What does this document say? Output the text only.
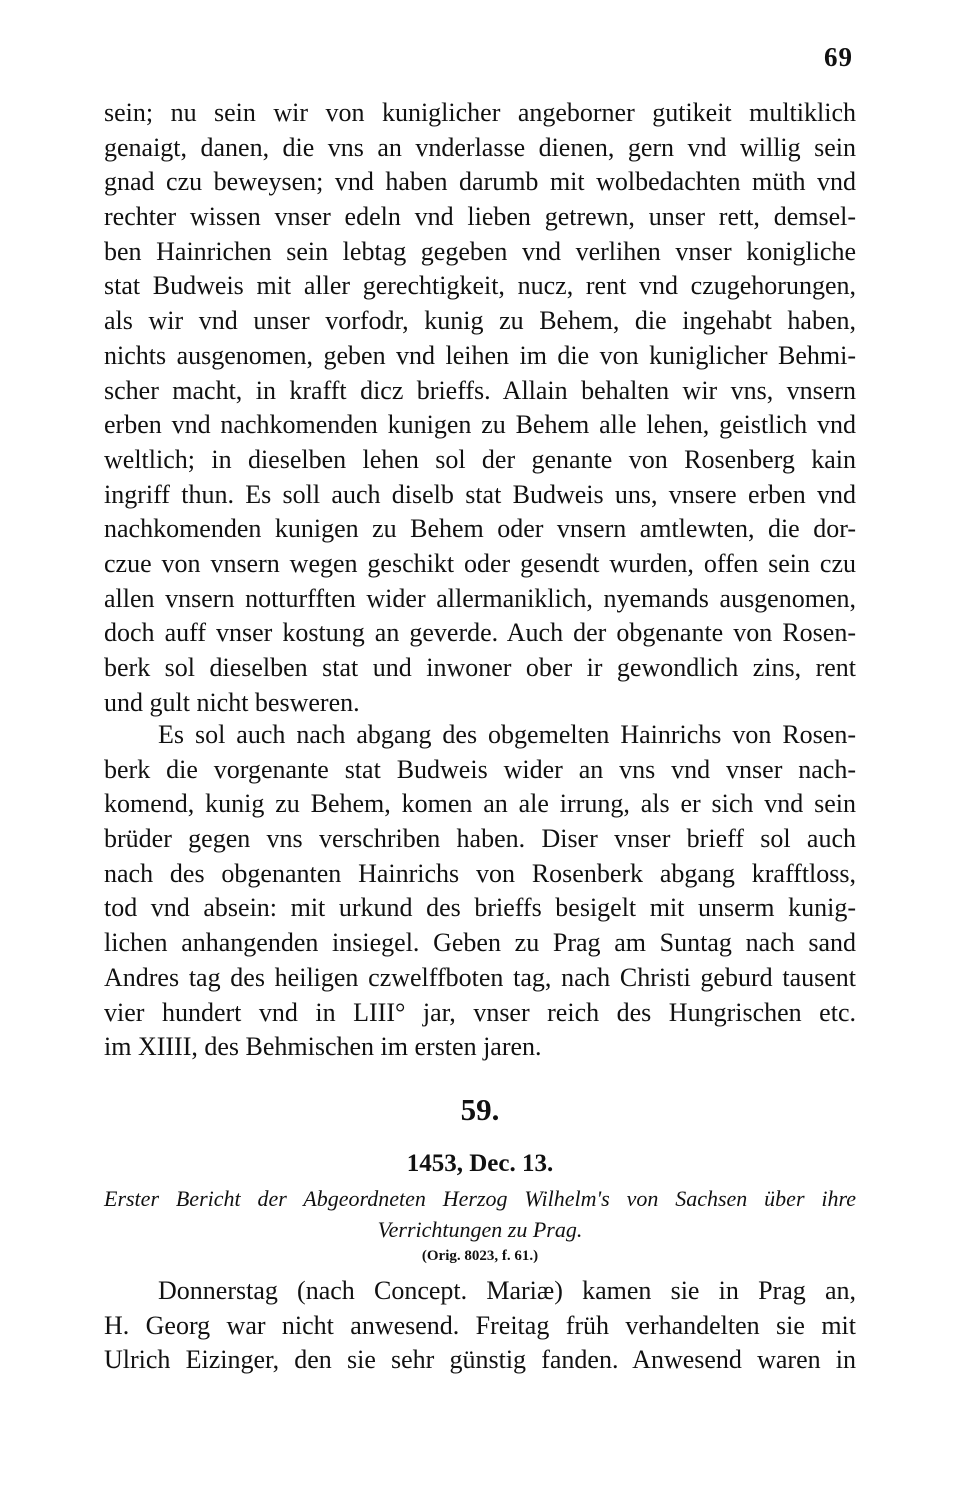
69
sein; nu sein wir von kuniglicher angeborner gutikeit multiklich
genaigt, danen, die vns an vnderlasse dienen, gern vnd willig sein
gnad czu beweysen; vnd haben darumb mit wolbedachten müth vnd
rechter wissen vnser edeln vnd lieben getrewn, unser rett, demsel-
ben Hainrichen sein lebtag gegeben vnd verlihen vnser konigliche
stat Budweis mit aller gerechtigkeit, nucz, rent vnd czugehorungen,
als wir vnd unser vorfodr, kunig zu Behem, die ingehabt haben,
nichts ausgenomen, geben vnd leihen im die von kuniglicher Behmi-
scher macht, in krafft dicz brieffs. Allain behalten wir vns, vnsern
erben vnd nachkomenden kunigen zu Behem alle lehen, geistlich vnd
weltlich; in dieselben lehen sol der genante von Rosenberg kain
ingriff thun. Es soll auch diselb stat Budweis uns, vnsere erben vnd
nachkomenden kunigen zu Behem oder vnsern amtlewten, die dor-
czue von vnsern wegen geschikt oder gesendt wurden, offen sein czu
allen vnsern notturfften wider allermaniklich, nyemands ausgenomen,
doch auff vnser kostung an geverde. Auch der obgenante von Rosen-
berk sol dieselben stat und inwoner ober ir gewondlich zins, rent
und gult nicht besweren.
Es sol auch nach abgang des obgemelten Hainrichs von Rosen-
berk die vorgenante stat Budweis wider an vns vnd vnser nach-
komend, kunig zu Behem, komen an ale irrung, als er sich vnd sein
brüder gegen vns verschriben haben. Diser vnser brieff sol auch
nach des obgenanten Hainrichs von Rosenberk abgang krafftloss,
tod vnd absein: mit urkund des brieffs besigelt mit unserm kunig-
lichen anhangenden insiegel. Geben zu Prag am Suntag nach sand
Andres tag des heiligen czwelffboten tag, nach Christi geburd tausent
vier hundert vnd in LIII° jar, vnser reich des Hungrischen etc.
im XIIII, des Behmischen im ersten jaren.
59.
1453, Dec. 13.
Erster Bericht der Abgeordneten Herzog Wilhelm's von Sachsen über ihre
Verrichtungen zu Prag.
(Orig. 8023, f. 61.)
Donnerstag (nach Concept. Mariæ) kamen sie in Prag an,
H. Georg war nicht anwesend. Freitag früh verhandelten sie mit
Ulrich Eizinger, den sie sehr günstig fanden. Anwesend waren in
